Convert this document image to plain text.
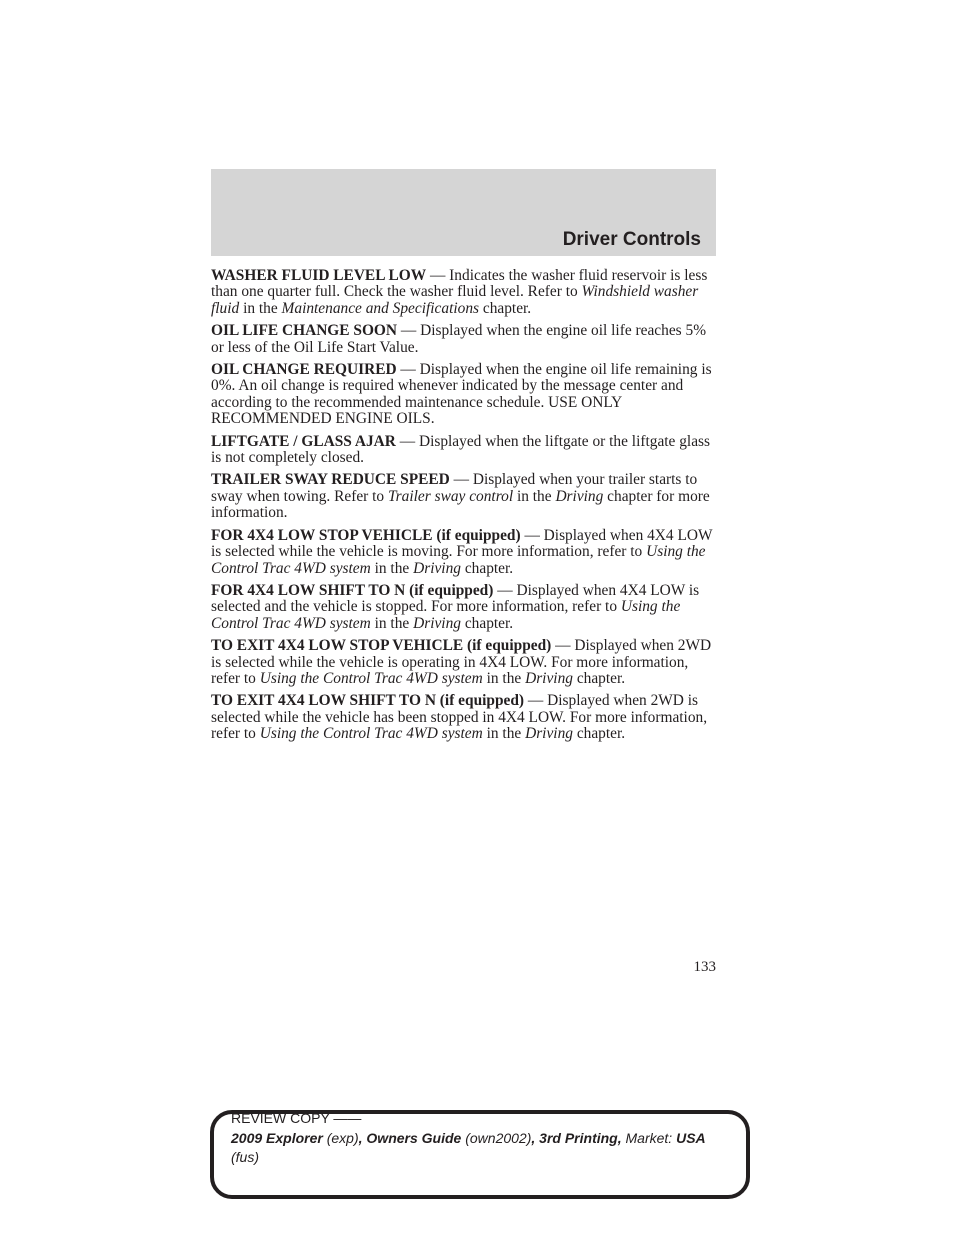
Driver Controls

WASHER FLUID LEVEL LOW — Indicates the washer fluid reservoir is less than one quarter full. Check the washer fluid level. Refer to Windshield washer fluid in the Maintenance and Specifications chapter.

OIL LIFE CHANGE SOON — Displayed when the engine oil life reaches 5% or less of the Oil Life Start Value.

OIL CHANGE REQUIRED — Displayed when the engine oil life remaining is 0%. An oil change is required whenever indicated by the message center and according to the recommended maintenance schedule. USE ONLY RECOMMENDED ENGINE OILS.

LIFTGATE / GLASS AJAR — Displayed when the liftgate or the liftgate glass is not completely closed.

TRAILER SWAY REDUCE SPEED — Displayed when your trailer starts to sway when towing. Refer to Trailer sway control in the Driving chapter for more information.

FOR 4X4 LOW STOP VEHICLE (if equipped) — Displayed when 4X4 LOW is selected while the vehicle is moving. For more information, refer to Using the Control Trac 4WD system in the Driving chapter.

FOR 4X4 LOW SHIFT TO N (if equipped) — Displayed when 4X4 LOW is selected and the vehicle is stopped. For more information, refer to Using the Control Trac 4WD system in the Driving chapter.

TO EXIT 4X4 LOW STOP VEHICLE (if equipped) — Displayed when 2WD is selected while the vehicle is operating in 4X4 LOW. For more information, refer to Using the Control Trac 4WD system in the Driving chapter.

TO EXIT 4X4 LOW SHIFT TO N (if equipped) — Displayed when 2WD is selected while the vehicle has been stopped in 4X4 LOW. For more information, refer to Using the Control Trac 4WD system in the Driving chapter.

133
REVIEW COPY ——
2009 Explorer (exp), Owners Guide (own2002), 3rd Printing, Market: USA
(fus)
